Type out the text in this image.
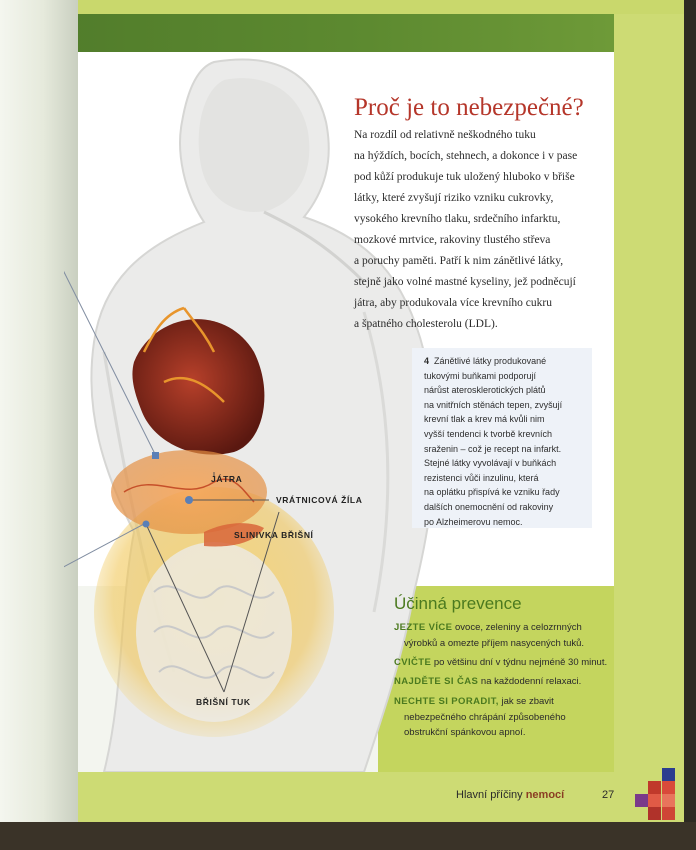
JÁTRA
VRÁTNICOVÁ ŽÍLA
SLINIVKA BŘIŠNÍ
BŘIŠNÍ TUK
Proč je to nebezpečné?
Na rozdíl od relativně neškodného tuku
na hýždích, bocích, stehnech, a dokonce i v pase
pod kůží produkuje tuk uložený hluboko v břiše
látky, které zvyšují riziko vzniku cukrovky,
vysokého krevního tlaku, srdečního infarktu,
mozkové mrtvice, rakoviny tlustého střeva
a poruchy paměti. Patří k nim zánětlivé látky,
stejně jako volné mastné kyseliny, jež podněcují
játra, aby produkovala více krevního cukru
a špatného cholesterolu (LDL).
4 Zánětlivé látky produkované
tukovými buňkami podporují
nárůst aterosklerotických plátů
na vnitřních stěnách tepen, zvyšují
krevní tlak a krev má kvůli nim
vyšší tendenci k tvorbě krevních
sraženin – což je recept na infarkt.
Stejné látky vyvolávají v buňkách
rezistenci vůči inzulinu, která
na oplátku přispívá ke vzniku řady
dalších onemocnění od rakoviny
po Alzheimerovu nemoc.
Účinná prevence
JEZTE VÍCE ovoce, zeleniny a celozrnných
výrobků a omezte příjem nasycených tuků.
CVIČTE po většinu dní v týdnu nejméně 30 minut.
NAJDĚTE SI ČAS na každodenní relaxaci.
NECHTE SI PORADIT, jak se zbavit
nebezpečného chrápání způsobeného
obstrukční spánkovou apnoí.
Hlavní příčiny nemocí	27
